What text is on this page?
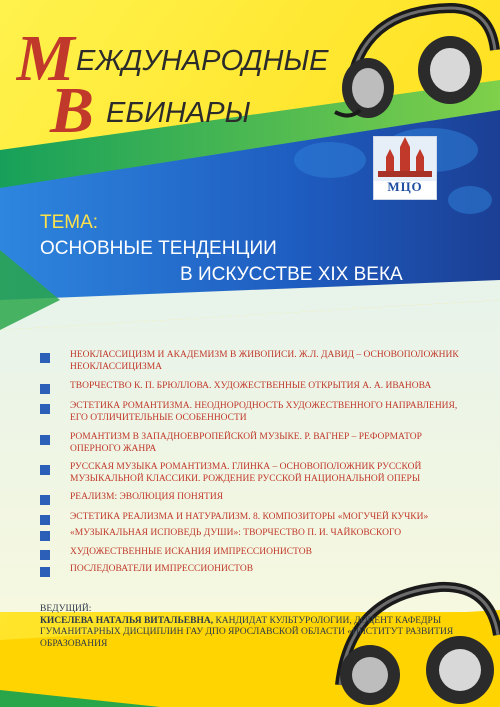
М ЕЖДУНАРОДНЫЕ
В ЕБИНАРЫ
МЦО
ТЕМА:
ОСНОВНЫЕ ТЕНДЕНЦИИ
В ИСКУССТВЕ XIX ВЕКА
НЕОКЛАССИЦИЗМ И АКАДЕМИЗМ В ЖИВОПИСИ. Ж.Л. ДАВИД – ОСНОВОПОЛОЖНИК НЕОКЛАССИЦИЗМА
ТВОРЧЕСТВО К. П. БРЮЛЛОВА. ХУДОЖЕСТВЕННЫЕ ОТКРЫТИЯ А. А. ИВАНОВА
ЭСТЕТИКА РОМАНТИЗМА. НЕОДНОРОДНОСТЬ ХУДОЖЕСТВЕННОГО НАПРАВЛЕНИЯ, ЕГО ОТЛИЧИТЕЛЬНЫЕ ОСОБЕННОСТИ
РОМАНТИЗМ В ЗАПАДНОЕВРОПЕЙСКОЙ МУЗЫКЕ. Р. ВАГНЕР – РЕФОРМАТОР ОПЕРНОГО ЖАНРА
РУССКАЯ МУЗЫКА РОМАНТИЗМА. ГЛИНКА – ОСНОВОПОЛОЖНИК РУССКОЙ МУЗЫКАЛЬНОЙ КЛАССИКИ. РОЖДЕНИЕ РУССКОЙ НАЦИОНАЛЬНОЙ ОПЕРЫ
РЕАЛИЗМ: ЭВОЛЮЦИЯ ПОНЯТИЯ
ЭСТЕТИКА РЕАЛИЗМА И НАТУРАЛИЗМ. 8. КОМПОЗИТОРЫ «МОГУЧЕЙ КУЧКИ»
«МУЗЫКАЛЬНАЯ ИСПОВЕДЬ ДУШИ»: ТВОРЧЕСТВО П. И. ЧАЙКОВСКОГО
ХУДОЖЕСТВЕННЫЕ ИСКАНИЯ ИМПРЕССИОНИСТОВ
ПОСЛЕДОВАТЕЛИ ИМПРЕССИОНИСТОВ
ВЕДУЩИЙ:
КИСЕЛЕВА НАТАЛЬЯ ВИТАЛЬЕВНА, КАНДИДАТ КУЛЬТУРОЛОГИИ, ДОЦЕНТ КАФЕДРЫ ГУМАНИТАРНЫХ ДИСЦИПЛИН ГАУ ДПО ЯРОСЛАВСКОЙ ОБЛАСТИ «ИНСТИТУТ РАЗВИТИЯ ОБРАЗОВАНИЯ
